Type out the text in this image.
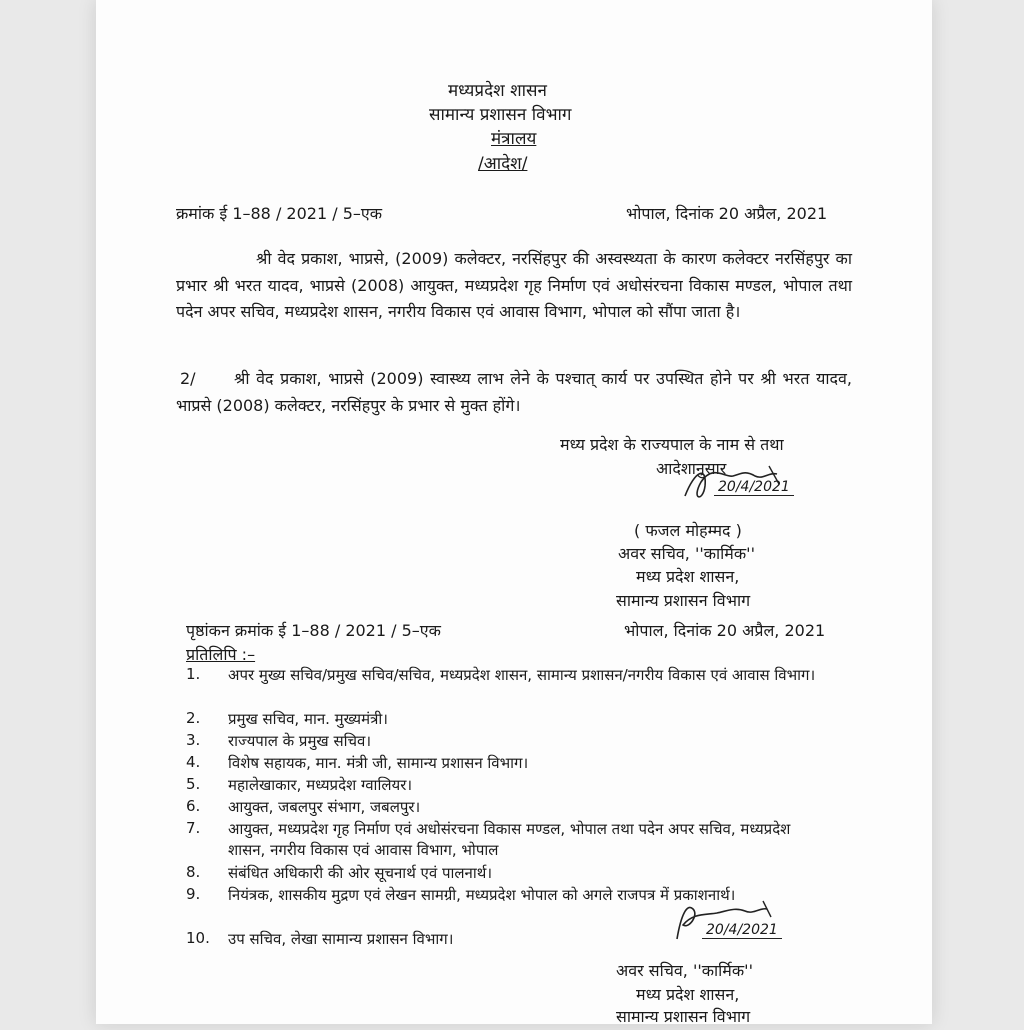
मध्यप्रदेश शासन
सामान्य प्रशासन विभाग
मंत्रालय
/आदेश/
क्रमांक ई 1–88 / 2021 / 5–एक	भोपाल, दिनांक 20 अप्रैल, 2021
श्री वेद प्रकाश, भाप्रसे, (2009) कलेक्टर, नरसिंहपुर की अस्वस्थ्यता के कारण कलेक्टर नरसिंहपुर का प्रभार श्री भरत यादव, भाप्रसे (2008) आयुक्त, मध्यप्रदेश गृह निर्माण एवं अधोसंरचना विकास मण्डल, भोपाल तथा पदेन अपर सचिव, मध्यप्रदेश शासन, नगरीय विकास एवं आवास विभाग, भोपाल को सौंपा जाता है।
2/	श्री वेद प्रकाश, भाप्रसे (2009) स्वास्थ्य लाभ लेने के पश्चात् कार्य पर उपस्थित होने पर श्री भरत यादव, भाप्रसे (2008) कलेक्टर, नरसिंहपुर के प्रभार से मुक्त होंगे।
मध्य प्रदेश के राज्यपाल के नाम से तथा
आदेशानुसार
20/4/2021
( फजल मोहम्मद )
अवर सचिव, ''कार्मिक''
मध्य प्रदेश शासन,
सामान्य प्रशासन विभाग
पृष्ठांकन क्रमांक ई 1–88 / 2021 / 5–एक	भोपाल, दिनांक 20 अप्रैल, 2021
प्रतिलिपि :–
1. अपर मुख्य सचिव/प्रमुख सचिव/सचिव, मध्यप्रदेश शासन, सामान्य प्रशासन/नगरीय विकास एवं आवास विभाग।
2. प्रमुख सचिव, मान. मुख्यमंत्री।
3. राज्यपाल के प्रमुख सचिव।
4. विशेष सहायक, मान. मंत्री जी, सामान्य प्रशासन विभाग।
5. महालेखाकार, मध्यप्रदेश ग्वालियर।
6. आयुक्त, जबलपुर संभाग, जबलपुर।
7. आयुक्त, मध्यप्रदेश गृह निर्माण एवं अधोसंरचना विकास मण्डल, भोपाल तथा पदेन अपर सचिव, मध्यप्रदेश शासन, नगरीय विकास एवं आवास विभाग, भोपाल
8. संबंधित अधिकारी की ओर सूचनार्थ एवं पालनार्थ।
9. नियंत्रक, शासकीय मुद्रण एवं लेखन सामग्री, मध्यप्रदेश भोपाल को अगले राजपत्र में प्रकाशनार्थ।
10. उप सचिव, लेखा सामान्य प्रशासन विभाग।	20/4/2021
अवर सचिव, ''कार्मिक''
मध्य प्रदेश शासन,
सामान्य प्रशासन विभाग
